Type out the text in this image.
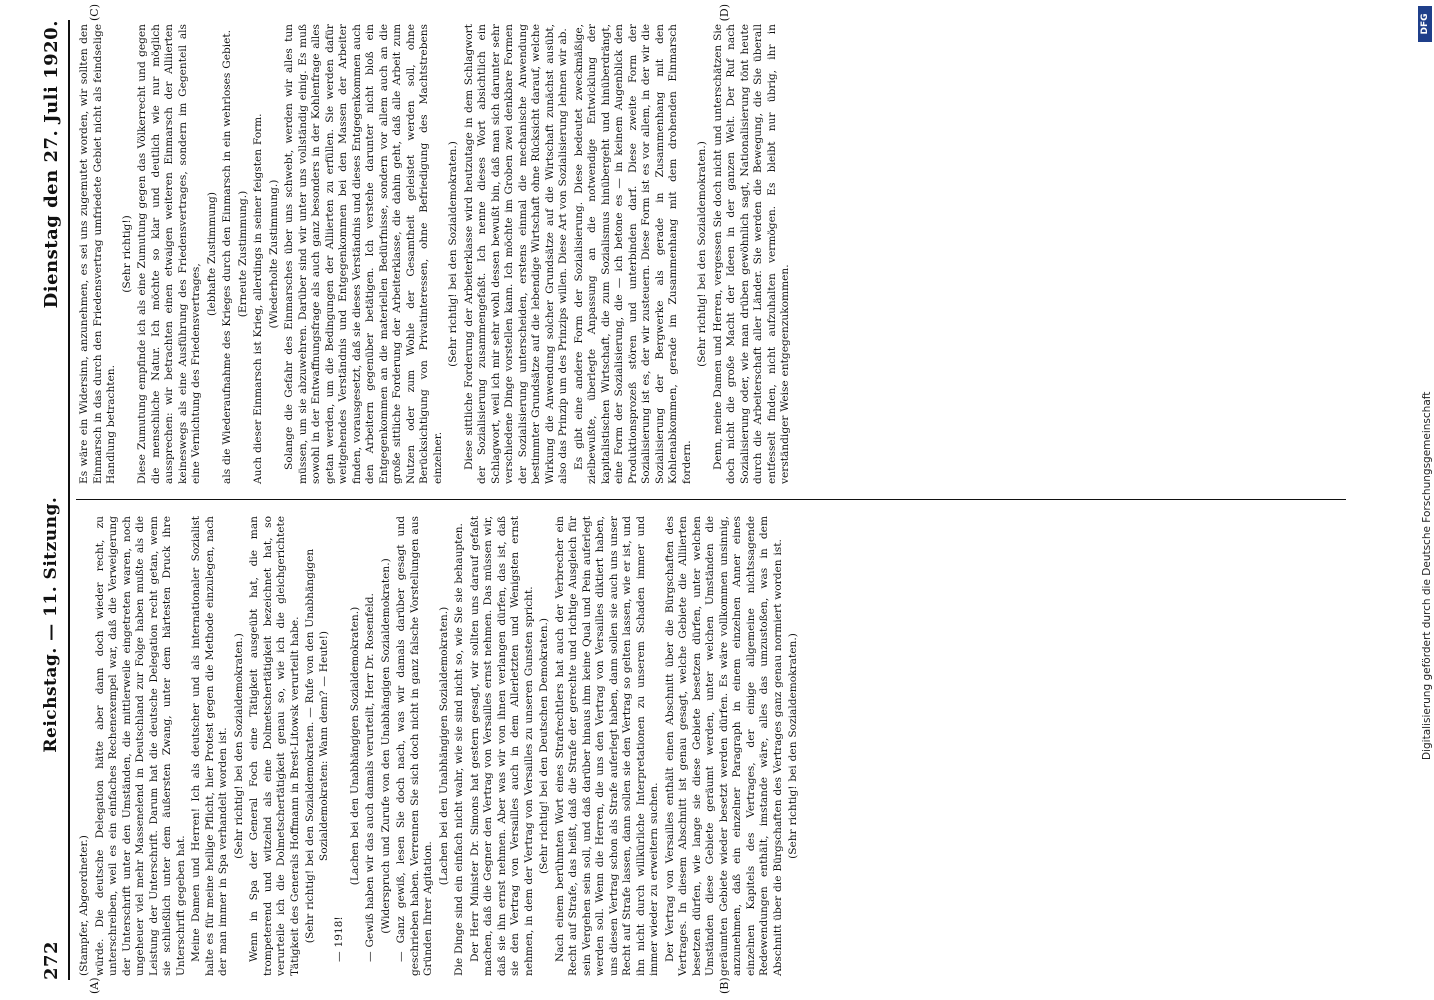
272
Reichstag. — 11. Sitzung.
Dienstag den 27. Juli 1920.
(A)	(B)

(Stampfer, Abgeordneter.) würde. Die deutsche Delegation hätte aber dann doch wieder recht, zu unterschreiben, weil es ein einfaches Rechenexempel war, daß die Verweigerung der Unterschrift unter den Umständen, die mittlerweile eingetreten waren, noch ungeheuer viel mehr Massenelend in Deutschland zur Folge haben mußte als die Leistung der Unterschrift. Darum hat die deutsche Delegation recht getan, wenn sie schließlich unter dem äußersten Zwang, unter dem härtesten Druck ihre Unterschrift gegeben hat. Meine Damen und Herren! Ich als deutscher und als internationaler Sozialist halte es für meine heilige Pflicht, hier Protest gegen die Methode einzulegen, nach der man immer in Spa verhandelt worden ist. (Sehr richtig! bei den Sozialdemokraten.) Wenn in Spa der General Foch eine Tätigkeit ausgeübt hat, die man trompeterend und witzelnd als eine Dolmetschertätigkeit bezeichnet hat, so verurteile ich die Dolmetschertätigkeit genau so, wie ich die gleichgerichtete Tätigkeit des Generals Hoffmann in Brest-Litowsk verurteilt habe. (Sehr richtig! bei den Sozialdemokraten. — Rufe von den Unabhängigen Sozialdemokraten: Wann denn? — Heute!)

— 1918!

(Lachen bei den Unabhängigen Sozialdemokraten.) — Gewiß haben wir das auch damals verurteilt, Herr Dr. Rosenfeld. (Widerspruch und Zurufe von den Unabhängigen Sozialdemokraten.) — Ganz gewiß, lesen Sie doch nach, was wir damals darüber gesagt und geschrieben haben. Verrennen Sie sich doch nicht in ganz falsche Vorstellungen aus Gründen Ihrer Agitation.

(Lachen bei den Unabhängigen Sozialdemokraten.) Die Dinge sind ein einfach nicht wahr, wie sie sind nicht so, wie Sie sie behaupten. Der Herr Minister Dr. Simons hat gestern gesagt, wir sollten uns darauf gefaßt machen, daß die Gegner den Vertrag von Versailles ernst nehmen. Das müssen wir, daß sie ihn ernst nehmen. Aber was wir von ihnen verlangen dürfen, das ist, daß sie den Vertrag von Versailles auch in dem Allerletzten und Wenigsten ernst nehmen, in dem der Vertrag von Versailles zu unseren Gunsten spricht. (Sehr richtig! bei den Deutschen Demokraten.) Nach einem berühmten Wort eines Strafrechtlers hat auch der Verbrecher ein Recht auf Strafe, das heißt, daß die Strafe der gerechte und richtige Ausgleich für sein Vergehen sein soll, und daß darüber hinaus ihm keine Qual und Pein auferlegt werden soll. Wenn die Herren, die uns den Vertrag von Versailles diktiert haben, uns diesen Vertrag schon als Strafe auferlegt haben, dann sollen sie auch uns unser Recht auf Strafe lassen, dann sollen sie den Vertrag so gelten lassen, wie er ist, und ihn nicht durch willkürliche Interpretationen zu unserem Schaden immer und immer wieder zu erweitern suchen. Der Vertrag von Versailles enthält einen Abschnitt über die Bürgschaften des Vertrages. In diesem Abschnitt ist genau gesagt, welche Gebiete die Alliierten besetzen dürfen, wie lange sie diese Gebiete besetzen dürfen, unter welchen Umständen diese Gebiete geräumt werden, unter welchen Umständen die geräumten Gebiete wieder besetzt werden dürfen. Es wäre vollkommen unsinnig, anzunehmen, daß ein einzelner Paragraph in einem einzelnen Anner eines einzelnen Kapitels des Vertrages, der einige allgemeine nichtssagende Redewendungen enthält, imstande wäre, alles das umzustoßen, was in dem Abschnitt über die Bürgschaften des Vertrages ganz genau normiert worden ist. (Sehr richtig! bei den Sozialdemokraten.)

(C)	(D)

Es wäre ein Widersinn, anzunehmen, es sei uns zugemutet worden, wir sollten den Einmarsch in das durch den Friedensvertrag umfriedete Gebiet nicht als feindselige Handlung betrachten.

(Sehr richtig!) Diese Zumutung empfinde ich als eine Zumutung gegen das Völkerrecht und gegen die menschliche Natur. Ich möchte so klar und deutlich wie nur möglich aussprechen: wir betrachten einen etwaigen weiteren Einmarsch der Alliierten keineswegs als eine Ausführung des Friedensvertrages, sondern im Gegenteil als eine Vernichtung des Friedensvertrages,

(lebhafte Zustimmung) als die Wiederaufnahme des Krieges durch den Einmarsch in ein wehrloses Gebiet. (Erneute Zustimmung.) Auch dieser Einmarsch ist Krieg, allerdings in seiner feigsten Form. (Wiederholte Zustimmung.) Solange die Gefahr des Einmarsches über uns schwebt, werden wir alles tun müssen, um sie abzuwehren. Darüber sind wir unter uns vollständig einig. Es muß sowohl in der Entwaffnungsfrage als auch ganz besonders in der Kohlenfrage alles getan werden, um die Bedingungen der Alliierten zu erfüllen. Sie werden dafür weitgehendes Verständnis und Entgegenkommen bei den Massen der Arbeiter finden, vorausgesetzt, daß sie dieses Verständnis und dieses Entgegenkommen auch den Arbeitern gegenüber betätigen. Ich verstehe darunter nicht bloß ein Entgegenkommen an die materiellen Bedürfnisse, sondern vor allem auch an die große sittliche Forderung der Arbeiterklasse, die dahin geht, daß alle Arbeit zum Nutzen oder zum Wohle der Gesamtheit geleistet werden soll, ohne Berücksichtigung von Privatinteressen, ohne Befriedigung des Machtstrebens einzelner.

(Sehr richtig! bei den Sozialdemokraten.) Diese sittliche Forderung der Arbeiterklasse wird heutzutage in dem Schlagwort der Sozialisierung zusammengefaßt. Ich nenne dieses Wort absichtlich ein Schlagwort, weil ich mir sehr wohl dessen bewußt bin, daß man sich darunter sehr verschiedene Dinge vorstellen kann. Ich möchte im Groben zwei denkbare Formen der Sozialisierung unterscheiden, erstens einmal die mechanische Anwendung bestimmter Grundsätze auf die lebendige Wirtschaft ohne Rücksicht darauf, welche Wirkung die Anwendung solcher Grundsätze auf die Wirtschaft zunächst ausübt, also das Prinzip um des Prinzips willen. Diese Art von Sozialisierung lehnen wir ab. Es gibt eine andere Form der Sozialisierung. Diese bedeutet zweckmäßige, zielbewußte, überlegte Anpassung an die notwendige Entwicklung der kapitalistischen Wirtschaft, die zum Sozialismus hinübergeht und hinüberdrängt, eine Form der Sozialisierung, die — ich betone es — in keinem Augenblick den Produktionsprozeß stören und unterbinden darf. Diese zweite Form der Sozialisierung ist es, der wir zusteuern. Diese Form ist es vor allem, in der wir die Sozialisierung der Bergwerke als gerade in Zusammenhang mit den Kohlenabkommen, gerade im Zusammenhang mit dem drohenden Einmarsch fordern.

(Sehr richtig! bei den Sozialdemokraten.) Denn, meine Damen und Herren, vergessen Sie doch nicht und unterschätzen Sie doch nicht die große Macht der Ideen in der ganzen Welt. Der Ruf nach Sozialisierung oder, wie man drüben gewöhnlich sagt, Nationalisierung tönt heute durch die Arbeiterschaft aller Länder. Sie werden die Bewegung, die Sie überall entfesselt finden, nicht aufzuhalten vermögen. Es bleibt nur übrig, ihr in verständiger Weise entgegenzukommen.

Digitalisierung gefördert durch die Deutsche Forschungsgemeinschaft
DFG
